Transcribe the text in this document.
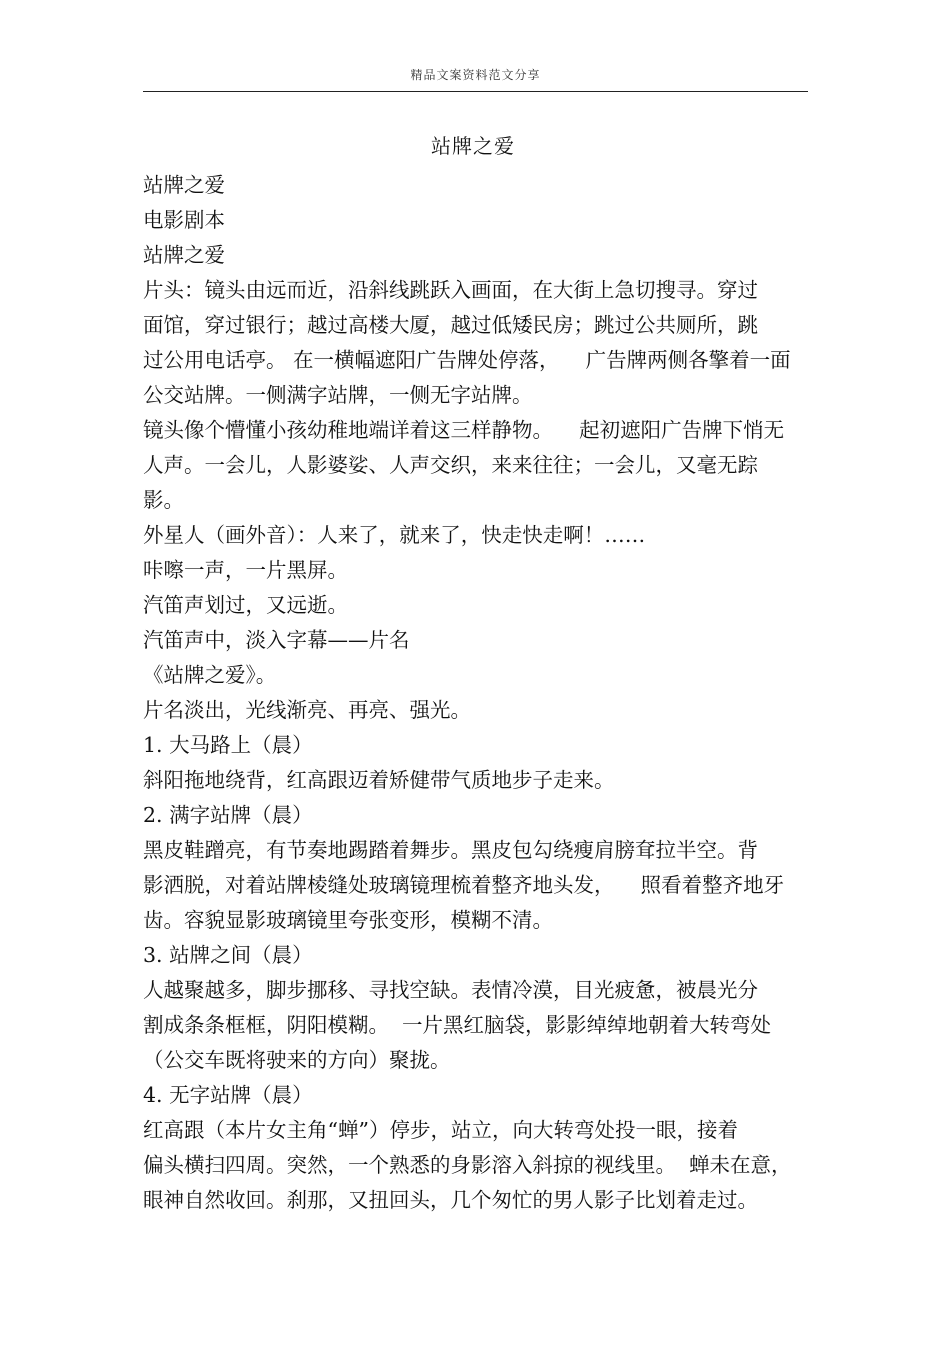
精品文案资料范文分享
站牌之爱
站牌之爱
电影剧本
站牌之爱
片头：镜头由远而近，沿斜线跳跃入画面，在大街上急切搜寻。穿过
面馆，穿过银行；越过高楼大厦，越过低矮民房；跳过公共厕所，跳
过公用电话亭。 在一横幅遮阳广告牌处停落，    广告牌两侧各擎着一面
公交站牌。一侧满字站牌，一侧无字站牌。
镜头像个懵懂小孩幼稚地端详着这三样静物。    起初遮阳广告牌下悄无
人声。一会儿，人影婆娑、人声交织，来来往往；一会儿，又毫无踪
影。
外星人（画外音）：人来了，就来了，快走快走啊！……
咔嚓一声，一片黑屏。
汽笛声划过，又远逝。
汽笛声中，淡入字幕——片名
《站牌之爱》。
片名淡出，光线渐亮、再亮、强光。
1. 大马路上（晨）
斜阳拖地绕背，红高跟迈着矫健带气质地步子走来。
2. 满字站牌（晨）
黑皮鞋蹭亮，有节奏地踢踏着舞步。黑皮包勾绕瘦肩膀耷拉半空。背
影洒脱，对着站牌棱缝处玻璃镜理梳着整齐地头发，    照看着整齐地牙
齿。容貌显影玻璃镜里夸张变形，模糊不清。
3. 站牌之间（晨）
人越聚越多，脚步挪移、寻找空缺。表情冷漠，目光疲惫，被晨光分
割成条条框框，阴阳模糊。  一片黑红脑袋，影影绰绰地朝着大转弯处
（公交车既将驶来的方向）聚拢。
4. 无字站牌（晨）
红高跟（本片女主角“蝉”）停步，站立，向大转弯处投一眼，接着
偏头横扫四周。突然，一个熟悉的身影溶入斜掠的视线里。  蝉未在意，
眼神自然收回。刹那，又扭回头，几个匆忙的男人影子比划着走过。
